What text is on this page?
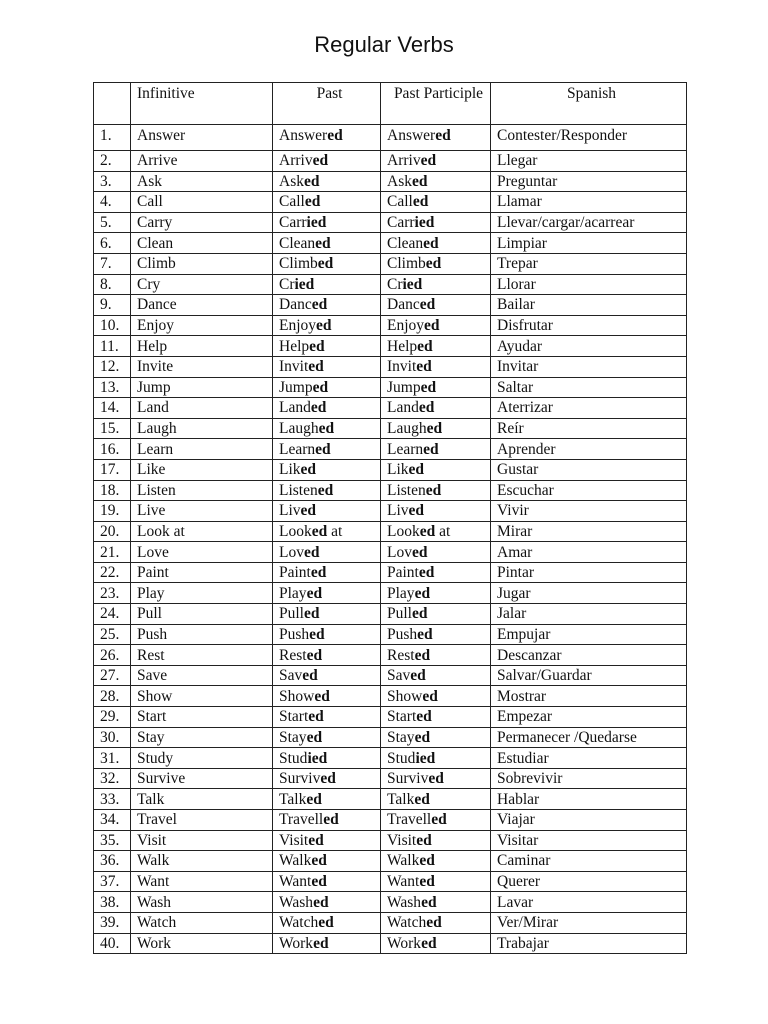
Regular Verbs
	Infinitive	Past	Past Participle	Spanish
1.	Answer	Answered	Answered	Contester/Responder
2.	Arrive	Arrived	Arrived	Llegar
3.	Ask	Asked	Asked	Preguntar
4.	Call	Called	Called	Llamar
5.	Carry	Carried	Carried	Llevar/cargar/acarrear
6.	Clean	Cleaned	Cleaned	Limpiar
7.	Climb	Climbed	Climbed	Trepar
8.	Cry	Cried	Cried	Llorar
9.	Dance	Danced	Danced	Bailar
10.	Enjoy	Enjoyed	Enjoyed	Disfrutar
11.	Help	Helped	Helped	Ayudar
12.	Invite	Invited	Invited	Invitar
13.	Jump	Jumped	Jumped	Saltar
14.	Land	Landed	Landed	Aterrizar
15.	Laugh	Laughed	Laughed	Reír
16.	Learn	Learned	Learned	Aprender
17.	Like	Liked	Liked	Gustar
18.	Listen	Listened	Listened	Escuchar
19.	Live	Lived	Lived	Vivir
20.	Look at	Looked at	Looked at	Mirar
21.	Love	Loved	Loved	Amar
22.	Paint	Painted	Painted	Pintar
23.	Play	Played	Played	Jugar
24.	Pull	Pulled	Pulled	Jalar
25.	Push	Pushed	Pushed	Empujar
26.	Rest	Rested	Rested	Descanzar
27.	Save	Saved	Saved	Salvar/Guardar
28.	Show	Showed	Showed	Mostrar
29.	Start	Started	Started	Empezar
30.	Stay	Stayed	Stayed	Permanecer /Quedarse
31.	Study	Studied	Studied	Estudiar
32.	Survive	Survived	Survived	Sobrevivir
33.	Talk	Talked	Talked	Hablar
34.	Travel	Travelled	Travelled	Viajar
35.	Visit	Visited	Visited	Visitar
36.	Walk	Walked	Walked	Caminar
37.	Want	Wanted	Wanted	Querer
38.	Wash	Washed	Washed	Lavar
39.	Watch	Watched	Watched	Ver/Mirar
40.	Work	Worked	Worked	Trabajar
